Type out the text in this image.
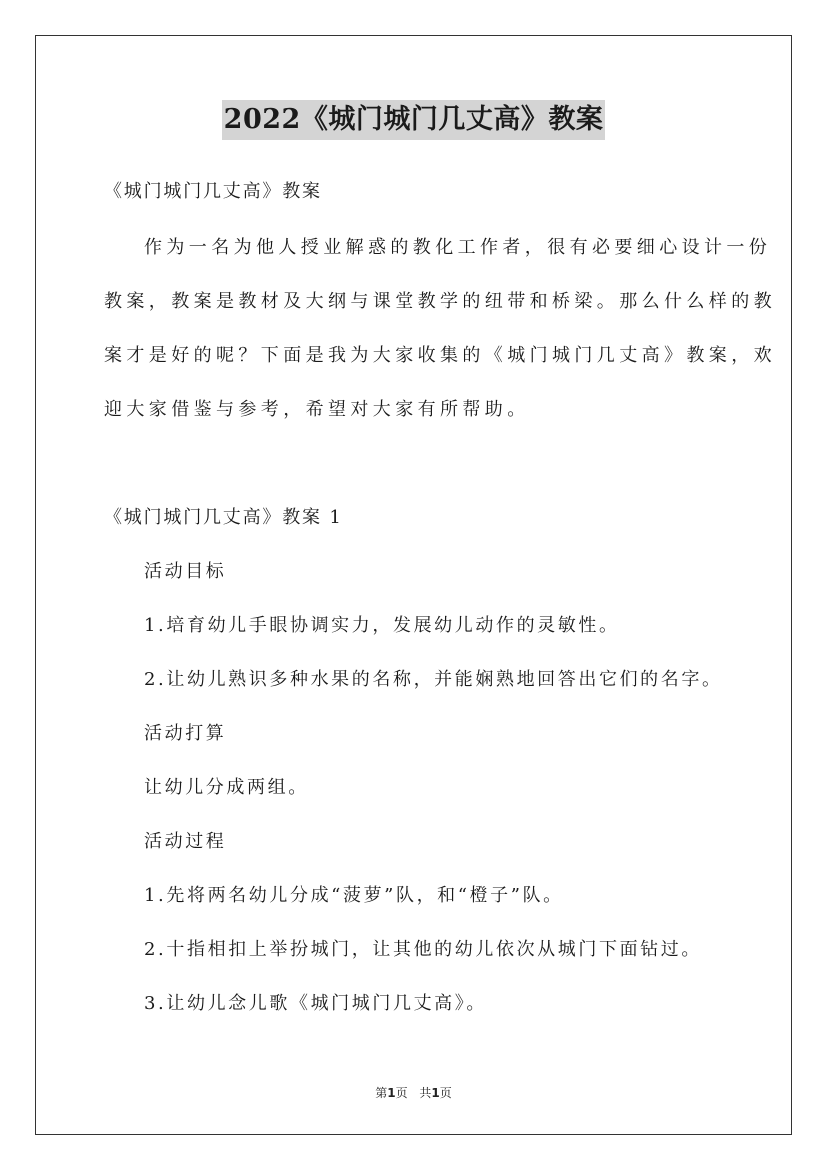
2022《城门城门几丈高》教案
《城门城门几丈高》教案
作为一名为他人授业解惑的教化工作者，很有必要细心设计一份
教案，教案是教材及大纲与课堂教学的纽带和桥梁。那么什么样的教
案才是好的呢？下面是我为大家收集的《城门城门几丈高》教案，欢
迎大家借鉴与参考，希望对大家有所帮助。
《城门城门几丈高》教案 1
活动目标
1.培育幼儿手眼协调实力，发展幼儿动作的灵敏性。
2.让幼儿熟识多种水果的名称，并能娴熟地回答出它们的名字。
活动打算
让幼儿分成两组。
活动过程
1.先将两名幼儿分成“菠萝”队，和“橙子”队。
2.十指相扣上举扮城门，让其他的幼儿依次从城门下面钻过。
3.让幼儿念儿歌《城门城门几丈高》。
第1页 共1页
